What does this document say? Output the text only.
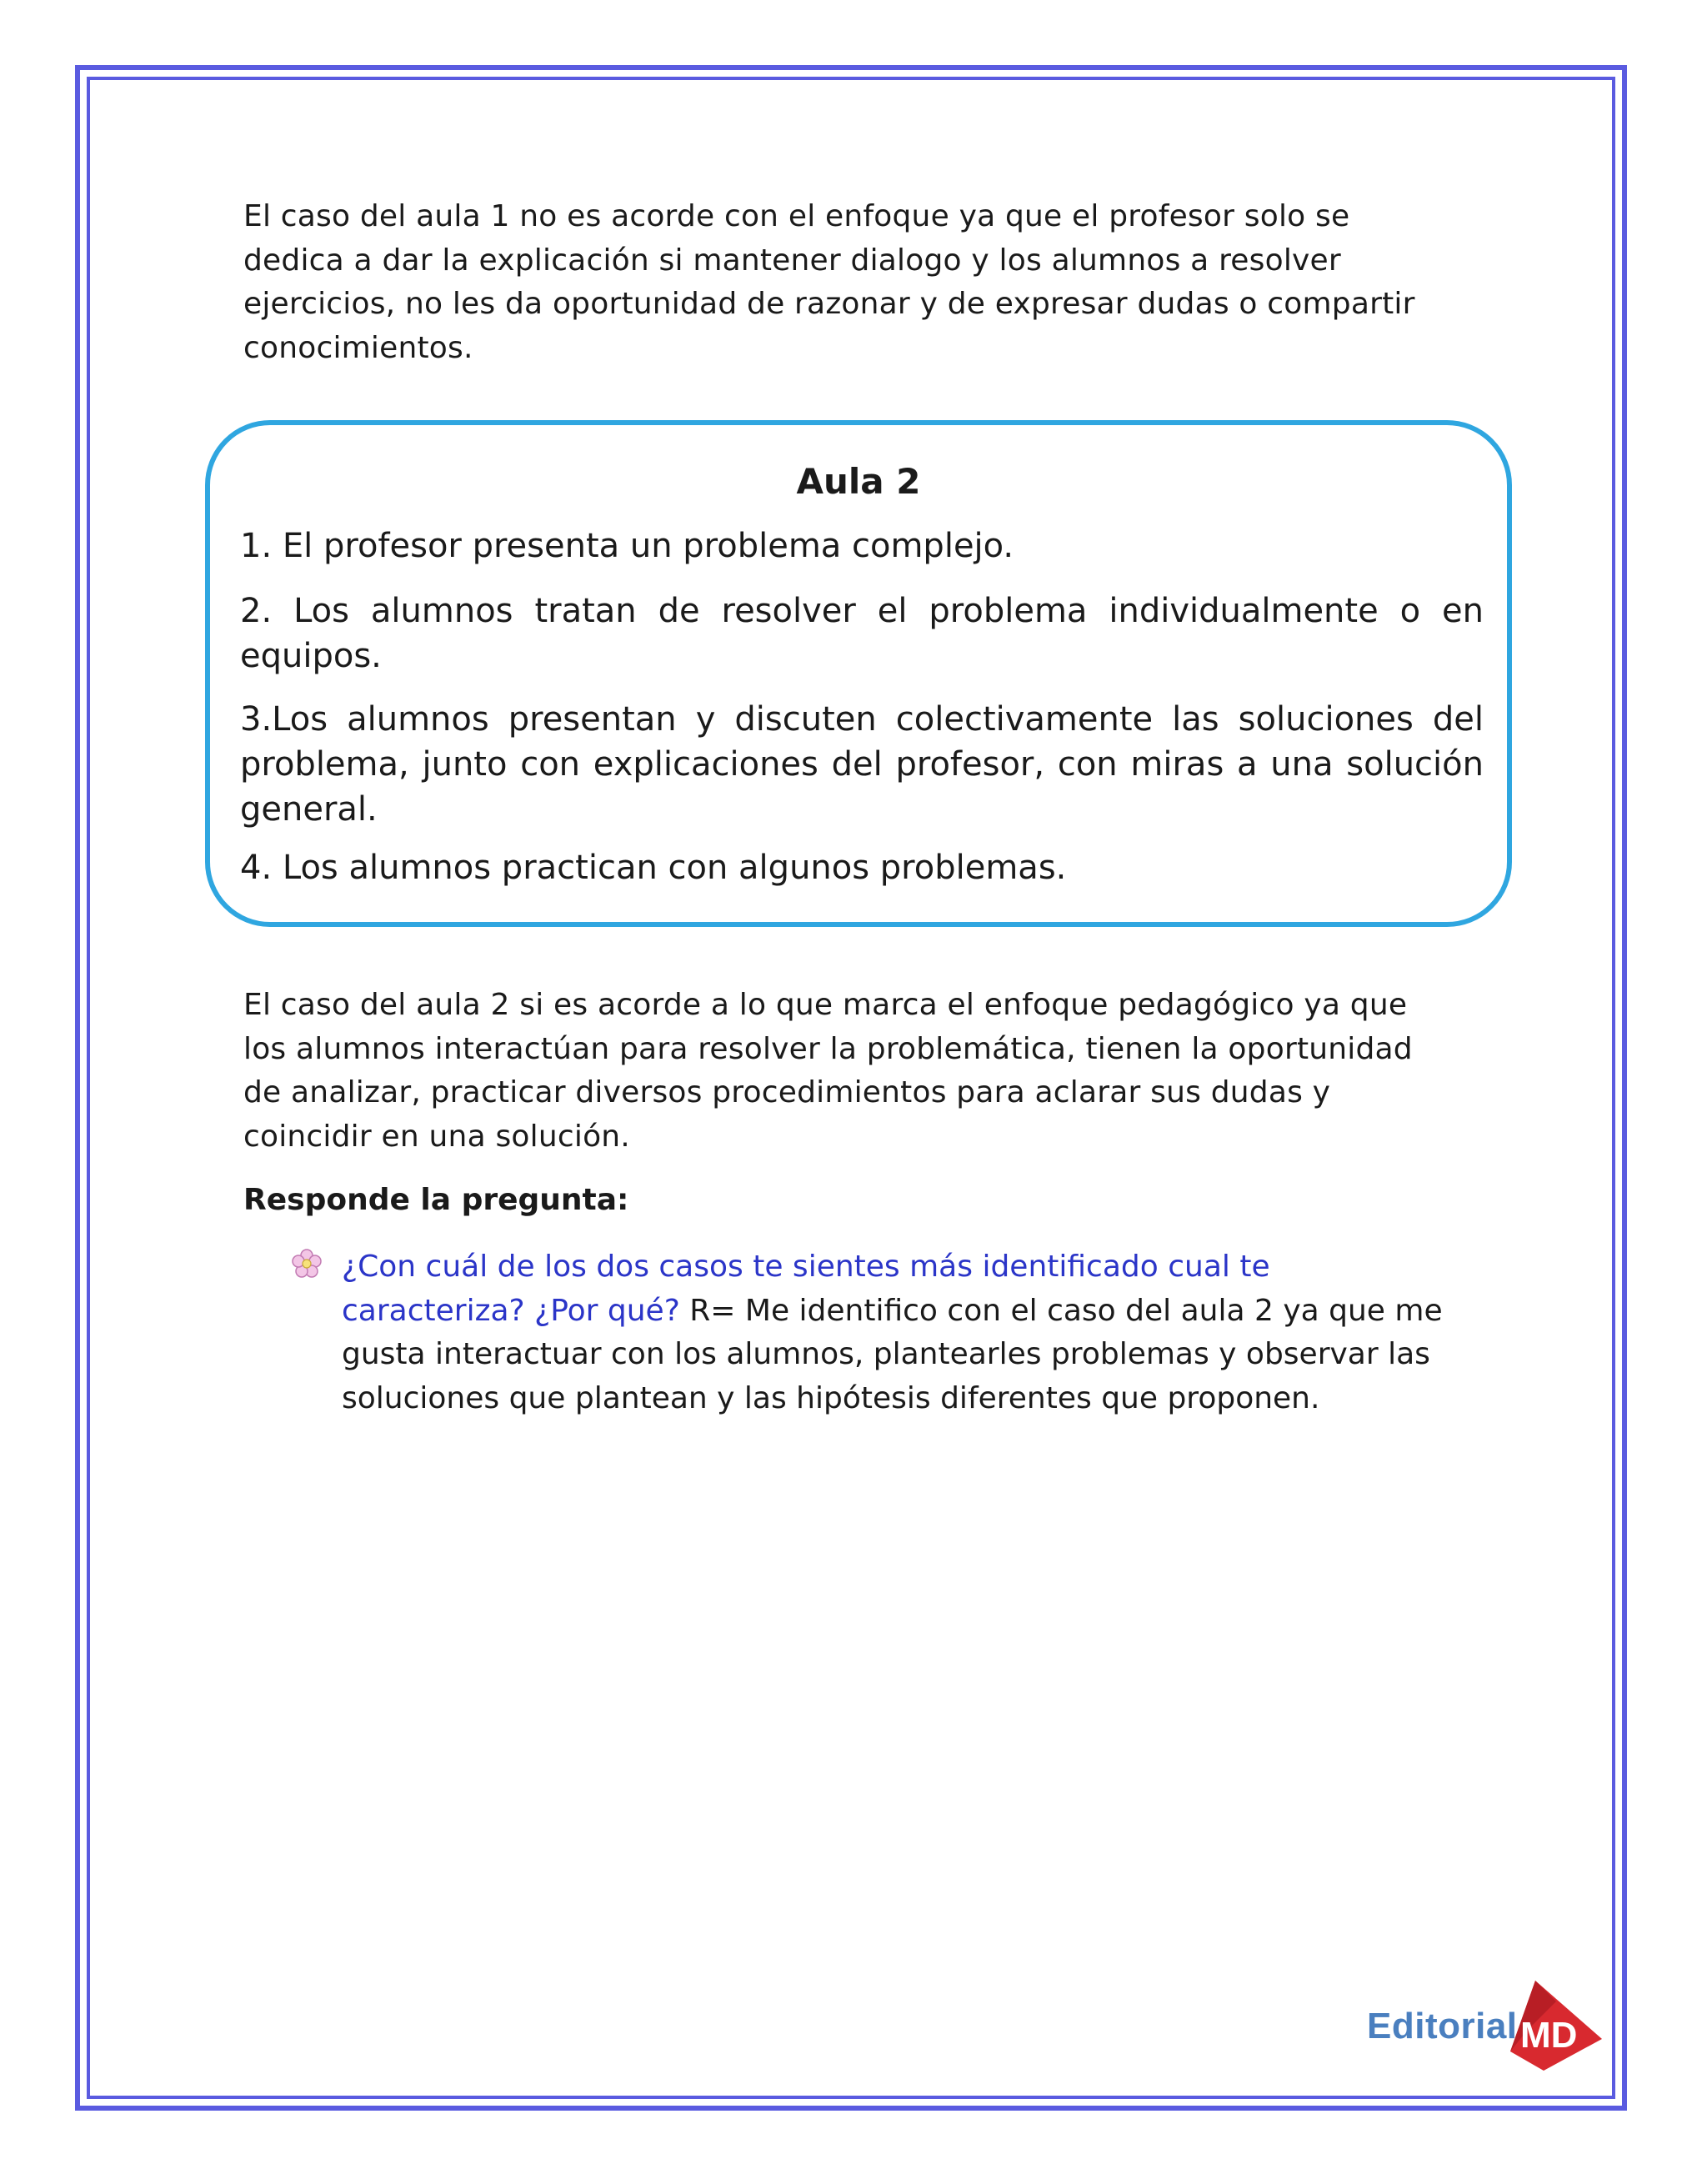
El caso del aula 1 no es acorde con el enfoque ya que el profesor solo se dedica a dar la explicación si mantener dialogo y los alumnos a resolver ejercicios, no les da oportunidad de razonar y de expresar dudas o compartir conocimientos.
Aula 2
1. El profesor presenta un problema complejo.
2. Los alumnos tratan de resolver el problema individualmente o en equipos.
3.Los alumnos presentan y discuten colectivamente las soluciones del problema, junto con explicaciones del profesor, con miras a una solución general.
4. Los alumnos practican con algunos problemas.
El caso del aula 2 si es acorde a lo que marca el enfoque pedagógico ya que los alumnos interactúan para resolver la problemática, tienen la oportunidad de analizar, practicar diversos procedimientos para aclarar sus dudas y coincidir en una solución.
Responde la pregunta:
¿Con cuál de los dos casos te sientes más identificado cual te caracteriza? ¿Por qué? R= Me identifico con el caso del aula 2 ya que me gusta interactuar con los alumnos, plantearles problemas y observar las soluciones que plantean y las hipótesis diferentes que proponen.
Editorial MD
